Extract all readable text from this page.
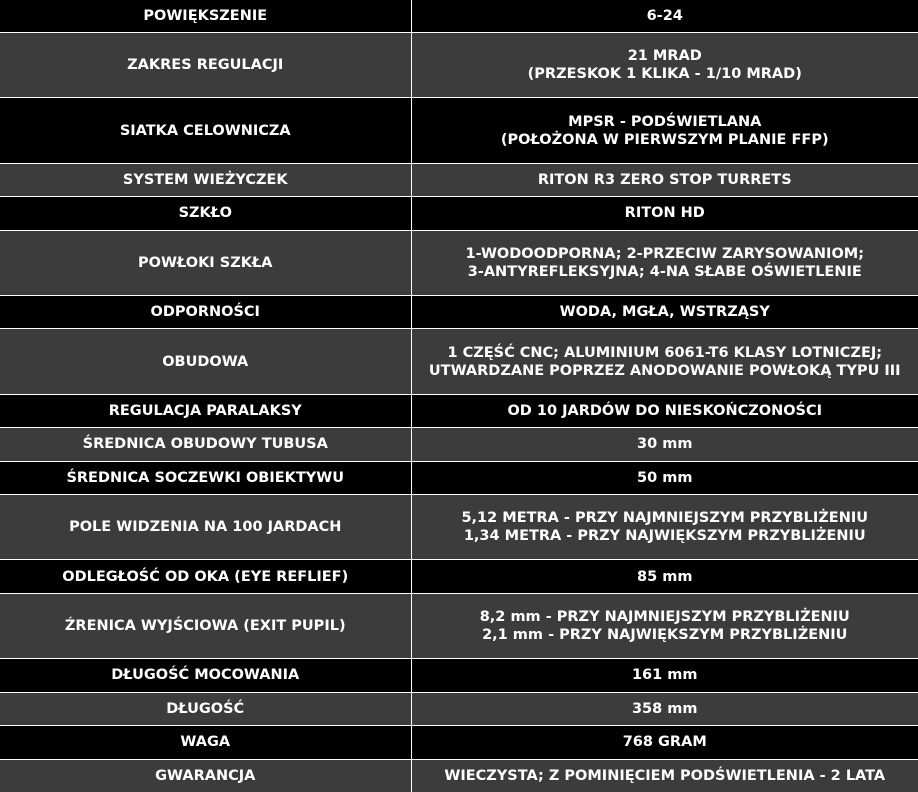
POWIĘKSZENIE	6-24

ZAKRES REGULACJI	21 MRAD
(PRZESKOK 1 KLIKA - 1/10 MRAD)

SIATKA CELOWNICZA	MPSR - PODŚWIETLANA
(POŁOŻONA W PIERWSZYM PLANIE FFP)

SYSTEM WIEŻYCZEK	RITON R3 ZERO STOP TURRETS

SZKŁO	RITON HD

POWŁOKI SZKŁA	1-WODOODPORNA; 2-PRZECIW ZARYSOWANIOM;
3-ANTYREFLEKSYJNA; 4-NA SŁABE OŚWIETLENIE

ODPORNOŚCI	WODA, MGŁA, WSTRZĄSY

OBUDOWA	1 CZĘŚĆ CNC; ALUMINIUM 6061-T6 KLASY LOTNICZEJ;
UTWARDZANE POPRZEZ ANODOWANIE POWŁOKĄ TYPU III

REGULACJA PARALAKSY	OD 10 JARDÓW DO NIESKOŃCZONOŚCI

ŚREDNICA OBUDOWY TUBUSA	30 mm

ŚREDNICA SOCZEWKI OBIEKTYWU	50 mm

POLE WIDZENIA NA 100 JARDACH	5,12 METRA - PRZY NAJMNIEJSZYM PRZYBLIŻENIU
1,34 METRA - PRZY NAJWIĘKSZYM PRZYBLIŻENIU

ODLEGŁOŚĆ OD OKA (EYE REFLIEF)	85 mm

ŹRENICA WYJŚCIOWA (EXIT PUPIL)	8,2 mm - PRZY NAJMNIEJSZYM PRZYBLIŻENIU
2,1 mm - PRZY NAJWIĘKSZYM PRZYBLIŻENIU

DŁUGOŚĆ MOCOWANIA	161 mm

DŁUGOŚĆ	358 mm

WAGA	768 GRAM

GWARANCJA	WIECZYSTA; Z POMINIĘCIEM PODŚWIETLENIA - 2 LATA
